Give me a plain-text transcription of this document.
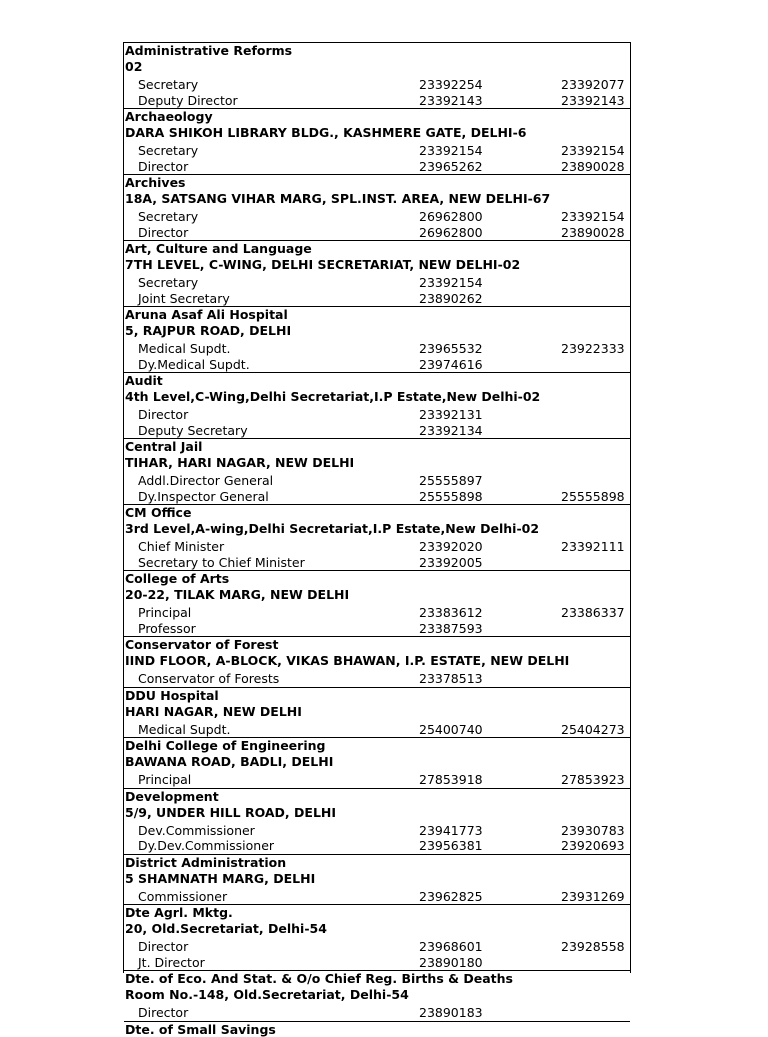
Administrative Reforms
02
Secretary	23392254	23392077
Deputy Director	23392143	23392143
Archaeology
DARA SHIKOH LIBRARY BLDG., KASHMERE GATE, DELHI-6
Secretary	23392154	23392154
Director	23965262	23890028
Archives
18A, SATSANG VIHAR MARG, SPL.INST. AREA, NEW DELHI-67
Secretary	26962800	23392154
Director	26962800	23890028
Art, Culture and Language
7TH LEVEL, C-WING, DELHI SECRETARIAT, NEW DELHI-02
Secretary	23392154
Joint Secretary	23890262
Aruna Asaf Ali Hospital
5, RAJPUR ROAD, DELHI
Medical Supdt.	23965532	23922333
Dy.Medical Supdt.	23974616
Audit
4th Level,C-Wing,Delhi Secretariat,I.P Estate,New Delhi-02
Director	23392131
Deputy Secretary	23392134
Central Jail
TIHAR, HARI NAGAR, NEW DELHI
Addl.Director General	25555897
Dy.Inspector General	25555898	25555898
CM Office
3rd Level,A-wing,Delhi Secretariat,I.P Estate,New Delhi-02
Chief Minister	23392020	23392111
Secretary to Chief Minister	23392005
College of Arts
20-22, TILAK MARG, NEW DELHI
Principal	23383612	23386337
Professor	23387593
Conservator of Forest
IIND FLOOR, A-BLOCK, VIKAS BHAWAN, I.P. ESTATE, NEW DELHI
Conservator of Forests	23378513
DDU Hospital
HARI NAGAR, NEW DELHI
Medical Supdt.	25400740	25404273
Delhi College of Engineering
BAWANA ROAD, BADLI, DELHI
Principal	27853918	27853923
Development
5/9, UNDER HILL ROAD, DELHI
Dev.Commissioner	23941773	23930783
Dy.Dev.Commissioner	23956381	23920693
District Administration
5 SHAMNATH MARG, DELHI
Commissioner	23962825	23931269
Dte Agrl. Mktg.
20, Old.Secretariat, Delhi-54
Director	23968601	23928558
Jt. Director	23890180
Dte. of Eco. And Stat. & O/o Chief Reg. Births & Deaths
Room No.-148, Old.Secretariat, Delhi-54
Director	23890183
Dte. of Small Savings
